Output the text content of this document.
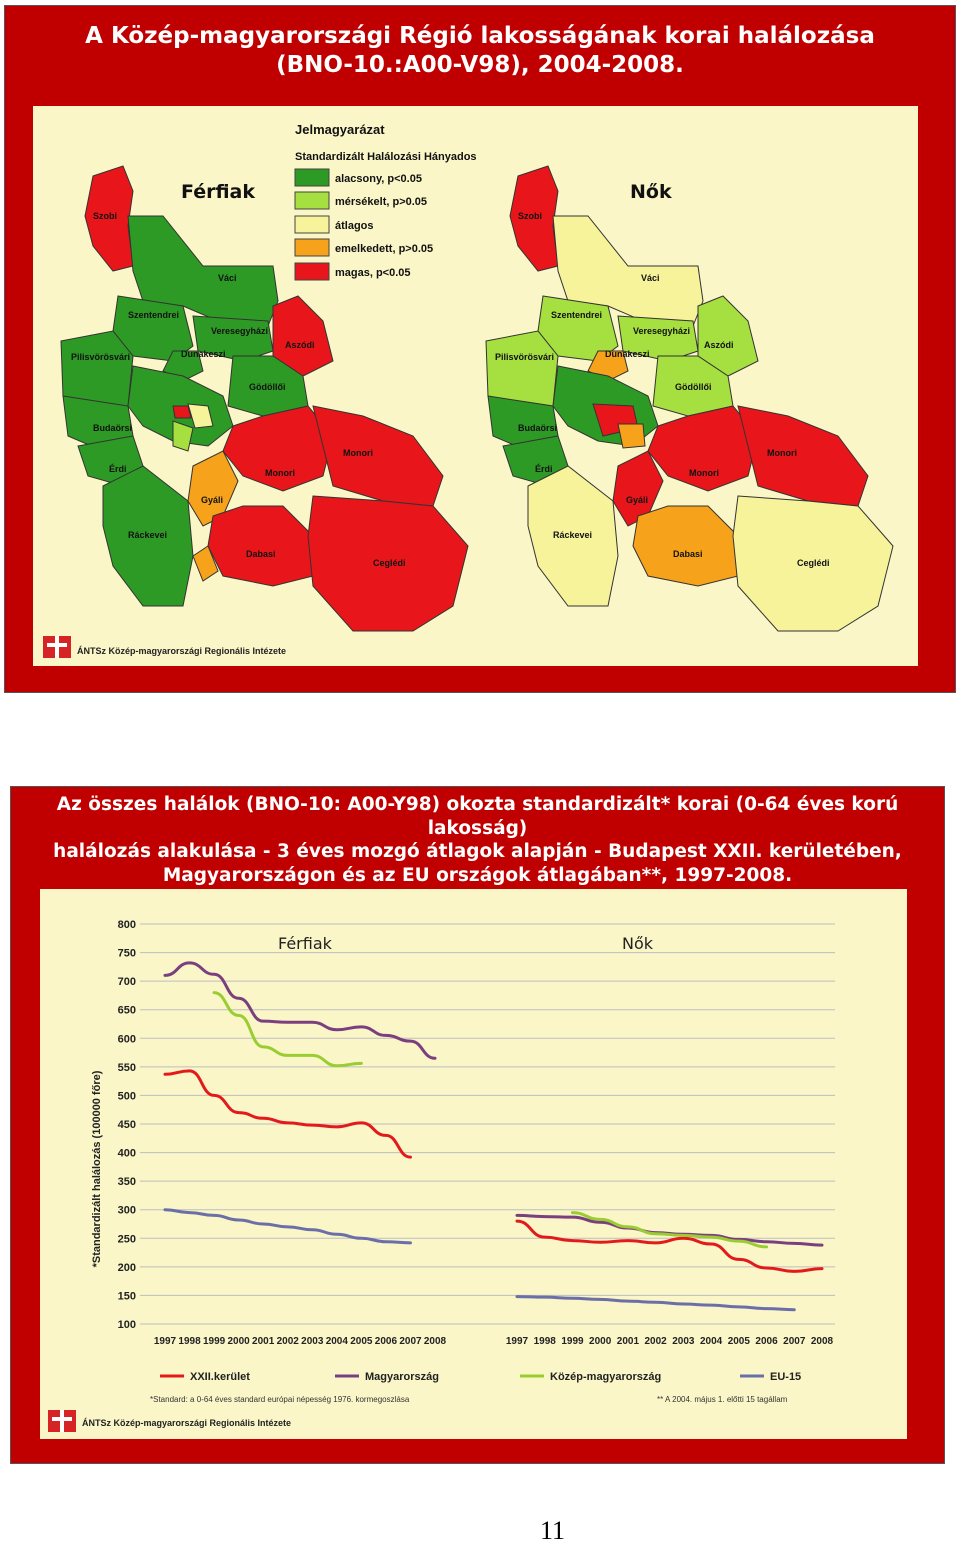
A Közép-magyarországi Régió lakosságának korai halálozása
(BNO-10.:A00-V98), 2004-2008.
Szobi
Váci
Szentendrei
Veresegyházi
Aszódi
Pilisvörösvári	Dunakeszi
Gödöllői
Budaörsi
Érdi	Monori
Monori
Gyáli
Ráckevei
Dabasi
Ceglédi
Férfiak
Szobi
Váci
Szentendrei
Veresegyházi
Aszódi
Pilisvörösvári	Dunakeszi
Gödöllői
Budaörsi
Érdi	Monori
Monori
Gyáli
Ráckevei
Dabasi
Ceglédi
Nők
Jelmagyarázat
Standardizált Halálozási Hányados
alacsony, p<0.05
mérsékelt, p>0.05
átlagos
emelkedett, p>0.05
magas, p<0.05
ÁNTSz Közép-magyarországi Regionális Intézete
Az összes halálok (BNO-10: A00-Y98) okozta standardizált* korai (0-64 éves korú lakosság)
halálozás alakulása - 3 éves mozgó átlagok alapján - Budapest XXII. kerületében,
Magyarországon és az EU országok átlagában**, 1997-2008.
100
150
200
250
300
350
400
450
500
550
600
650
700
750
800
1997 1998 1999 2000 2001 2002 2003 2004 2005 2006 2007 2008	1997 1998 1999 2000 2001 2002 2003 2004 2005 2006 2007 2008
*Standardizált halálozás (100000 főre)
Férfiak	Nők
XXII.kerület	Magyarország	Közép-magyarország	EU-15
*Standard: a 0-64 éves standard európai népesség 1976. kormegoszlása	** A 2004. május 1. előtti 15 tagállam
ÁNTSz Közép-magyarországi Regionális Intézete
11
